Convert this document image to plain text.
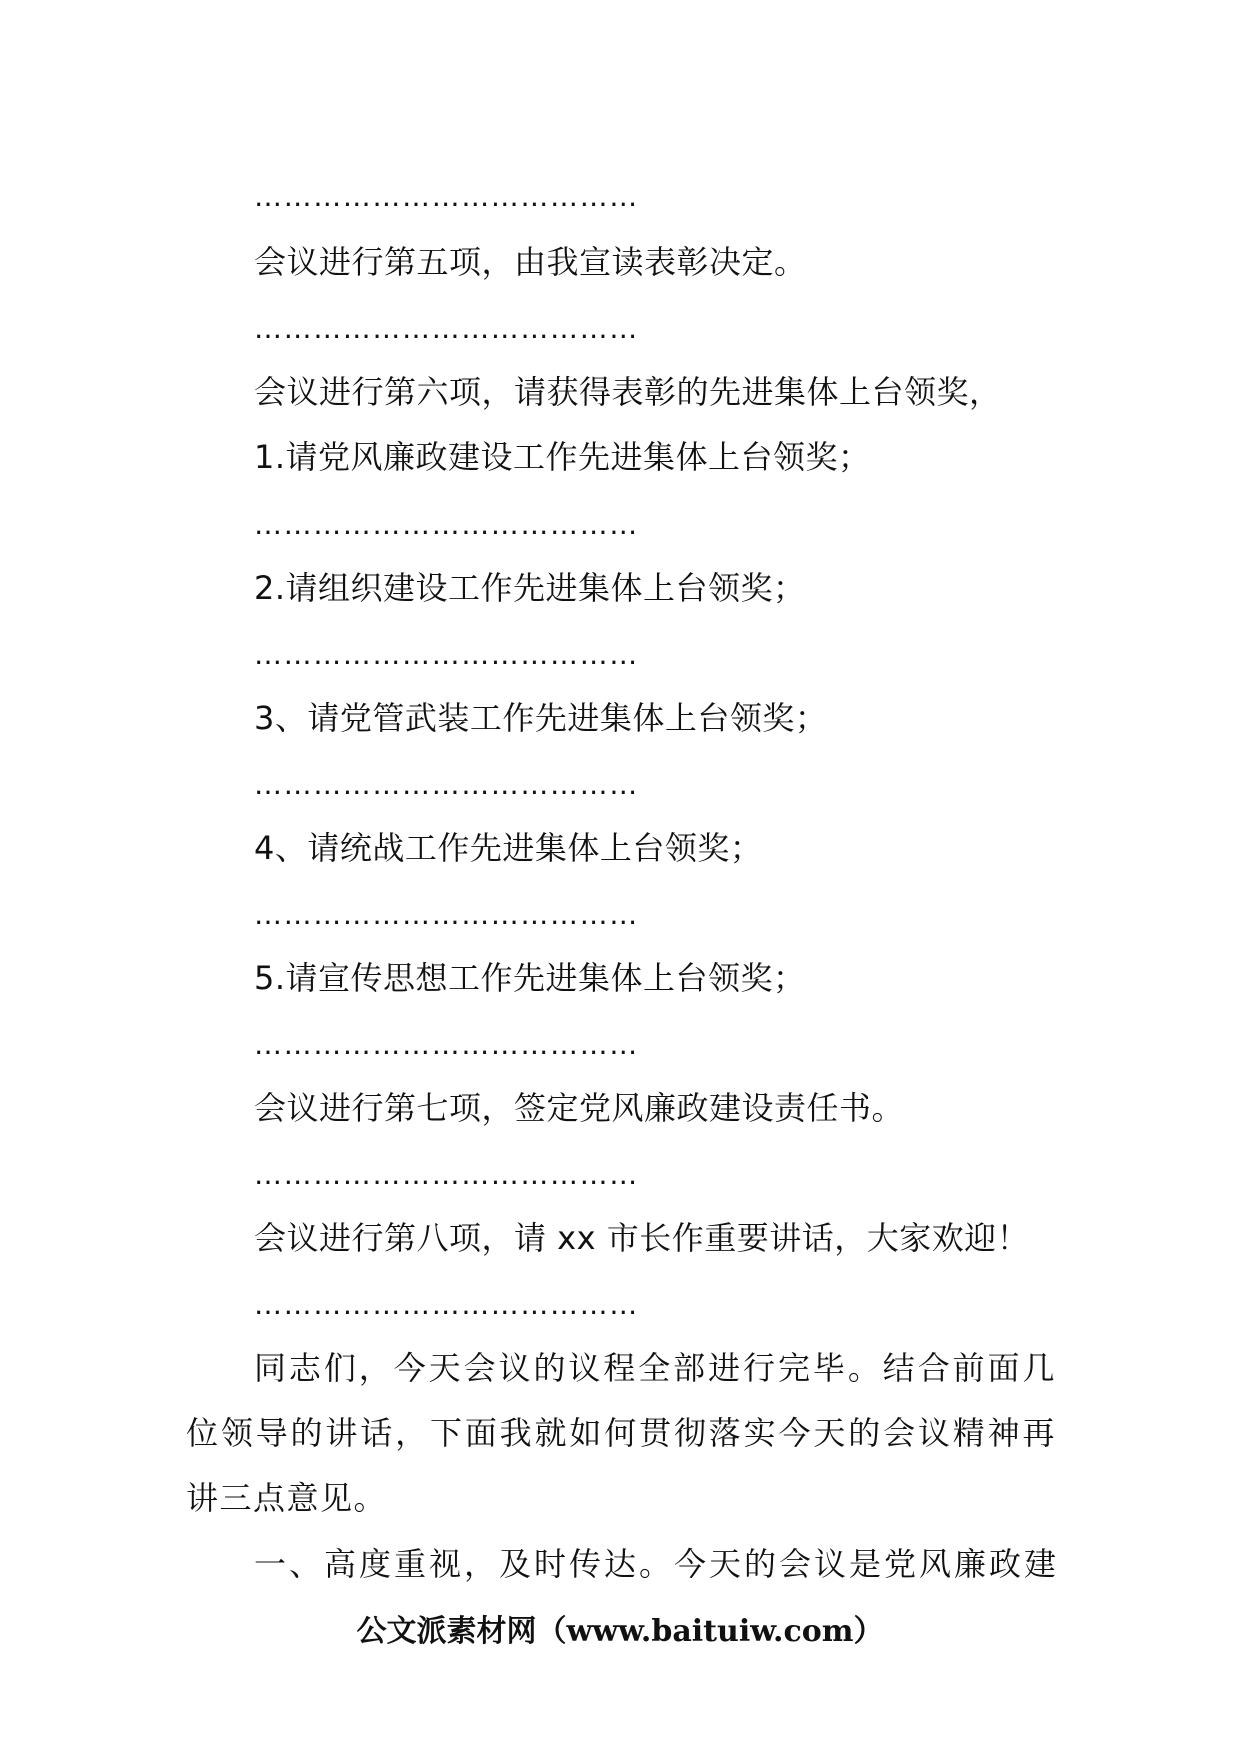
…………………………………
会议进行第五项，由我宣读表彰决定。
…………………………………
会议进行第六项，请获得表彰的先进集体上台领奖，
1.请党风廉政建设工作先进集体上台领奖；
…………………………………
2.请组织建设工作先进集体上台领奖；
…………………………………
3、请党管武装工作先进集体上台领奖；
…………………………………
4、请统战工作先进集体上台领奖；
…………………………………
5.请宣传思想工作先进集体上台领奖；
…………………………………
会议进行第七项，签定党风廉政建设责任书。
…………………………………
会议进行第八项，请 xx 市长作重要讲话，大家欢迎！
…………………………………
同志们，今天会议的议程全部进行完毕。结合前面几位领导的讲话，下面我就如何贯彻落实今天的会议精神再讲三点意见。
一、高度重视，及时传达。今天的会议是党风廉政建
公文派素材网（www.baituiw.com）
